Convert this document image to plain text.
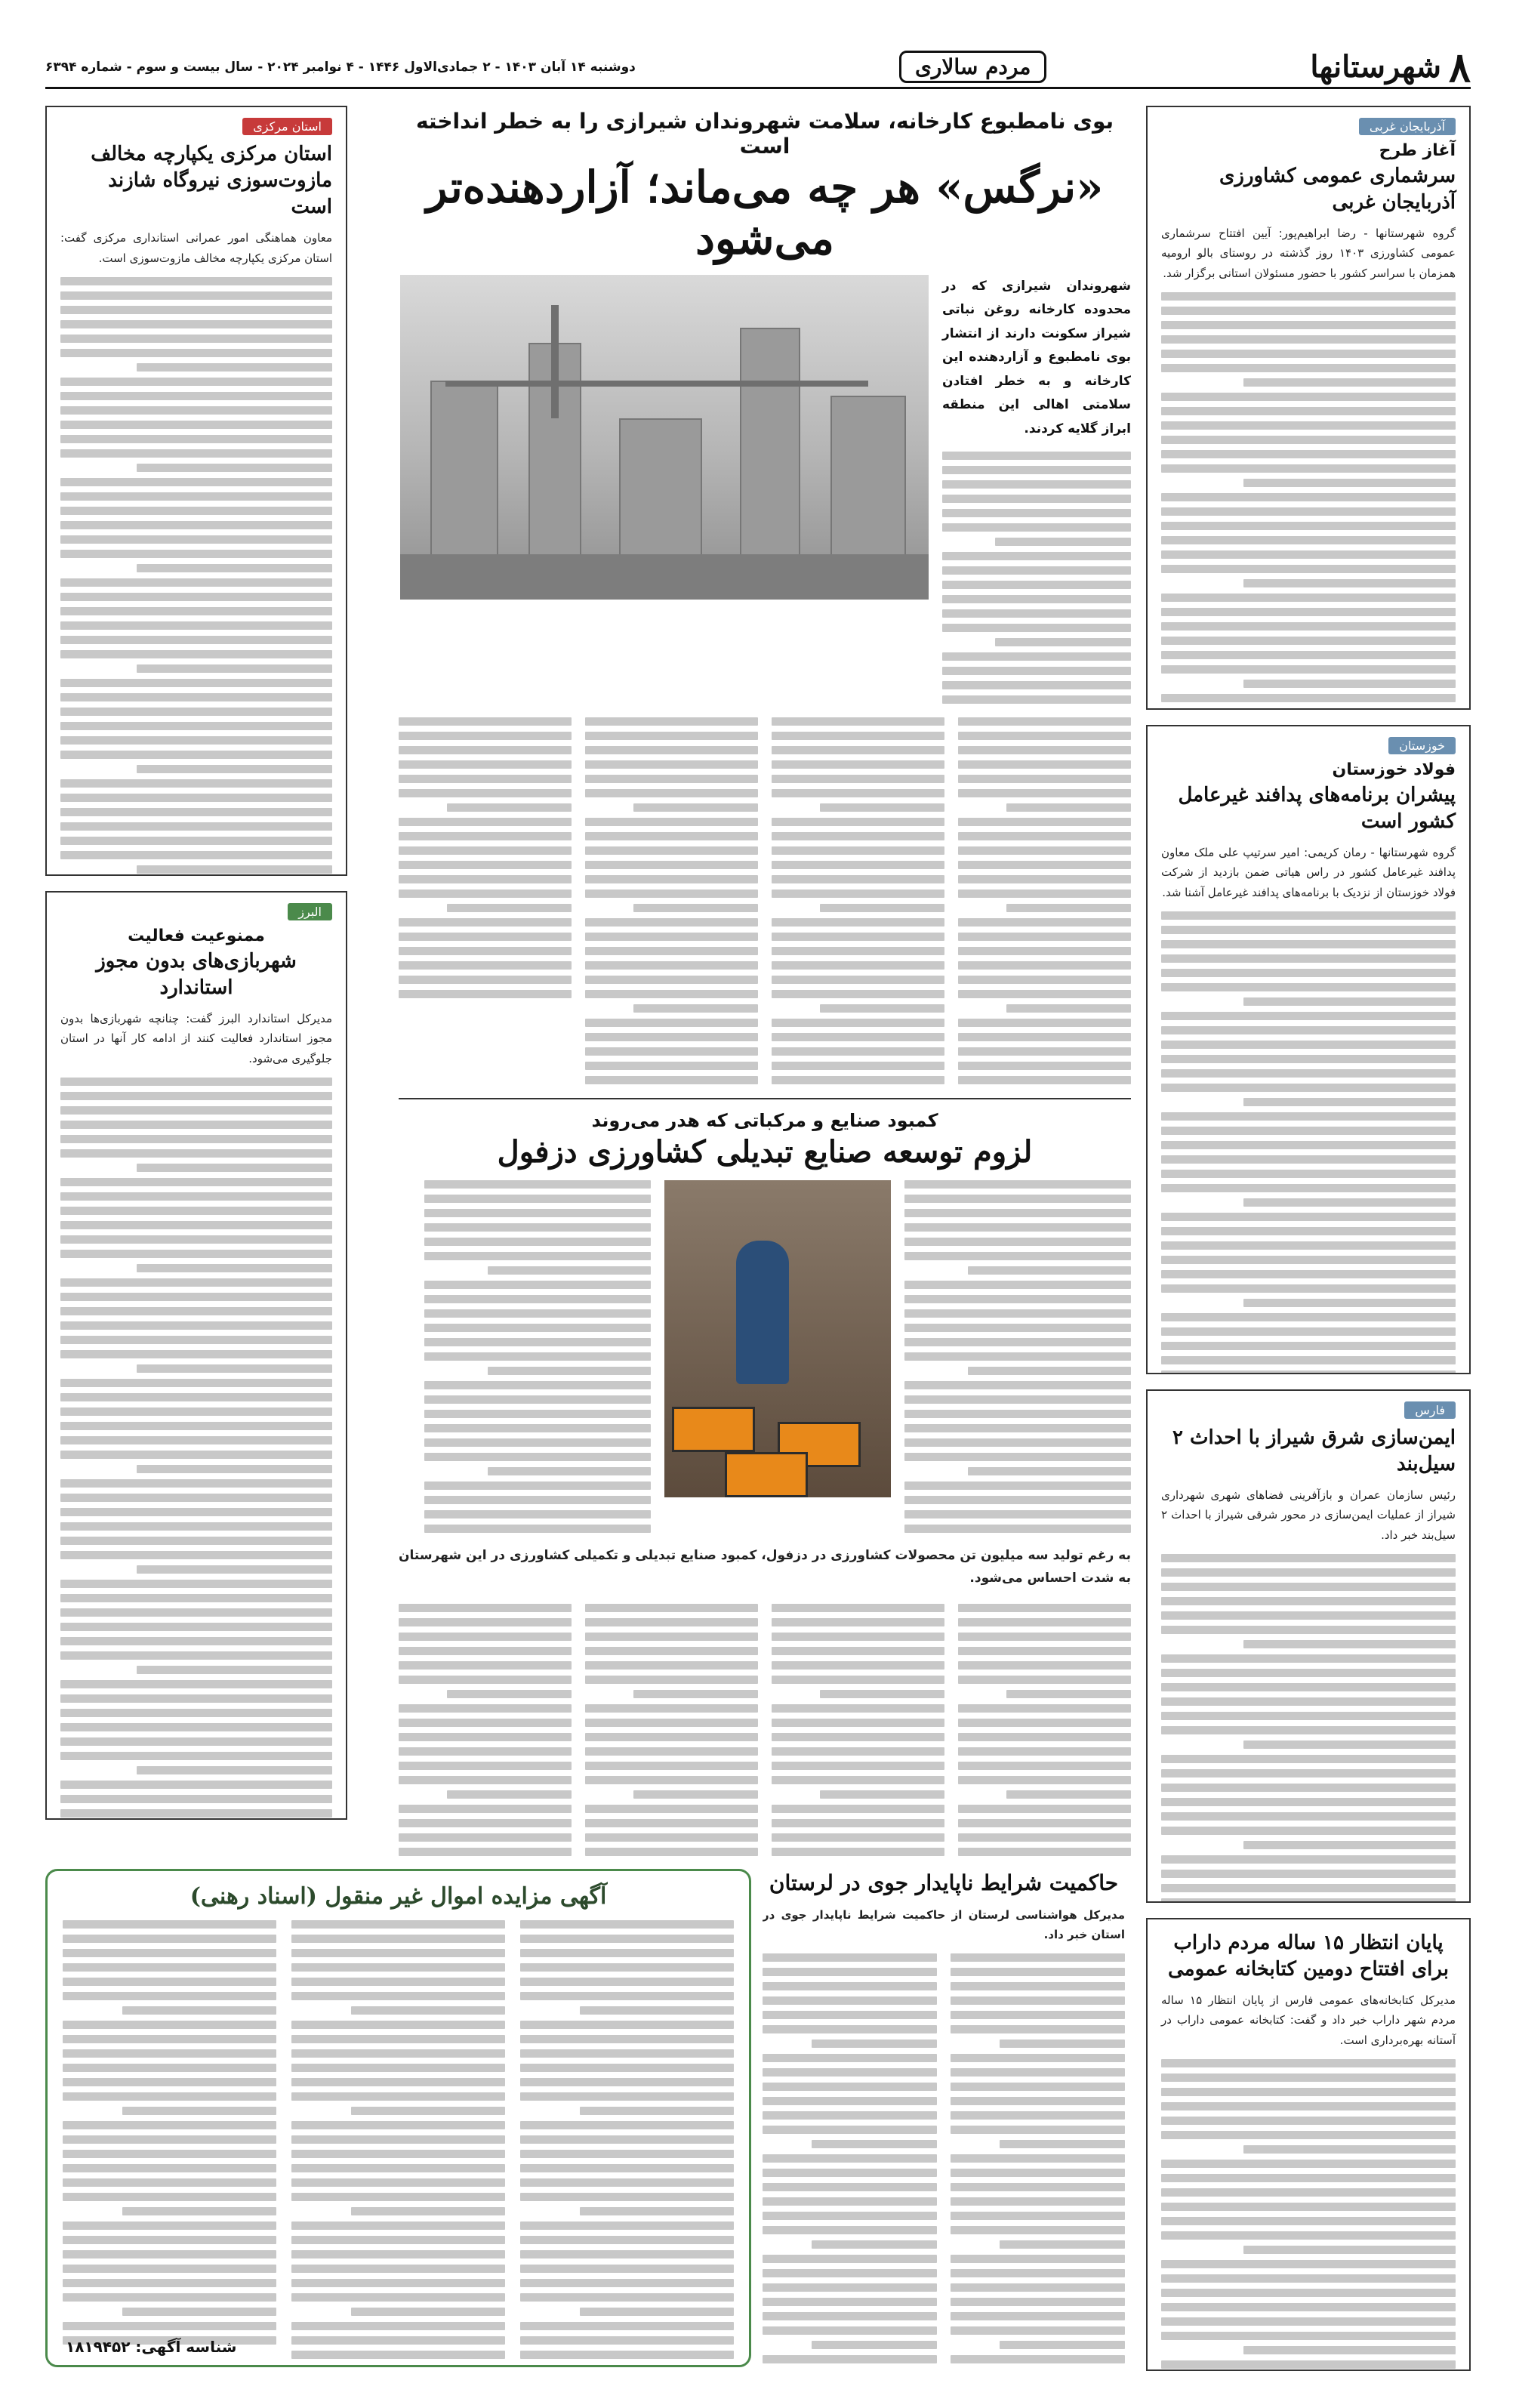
۸
شهرستانها
مردم سالاری
دوشنبه ۱۴ آبان ۱۴۰۳ - ۲ جمادی‌الاول ۱۴۴۶ - ۴ نوامبر ۲۰۲۴ - سال بیست و سوم - شماره ۶۳۹۴
آذربایجان غربی
آغاز طرح
سرشماری عمومی کشاورزی آذربایجان غربی

گروه شهرستانها - رضا ابراهیم‌پور: آیین افتتاح سرشماری عمومی کشاورزی ۱۴۰۳ روز گذشته در روستای بالو ارومیه همزمان با سراسر کشور با حضور مسئولان استانی برگزار شد.

خوزستان
فولاد خوزستان
پیشران برنامه‌های پدافند غیرعامل کشور است

گروه شهرستانها - رمان کریمی: امیر سرتیپ علی ملک معاون پدافند غیرعامل کشور در راس هیاتی ضمن بازدید از شرکت فولاد خوزستان از نزدیک با برنامه‌های پدافند غیرعامل آشنا شد.

فارس
ایمن‌سازی شرق شیراز با احداث ۲ سیل‌بند

رئیس سازمان عمران و بازآفرینی فضاهای شهری شهرداری شیراز از عملیات ایمن‌سازی در محور شرقی شیراز با احداث ۲ سیل‌بند خبر داد.

پایان انتظار ۱۵ ساله مردم داراب برای افتتاح دومین کتابخانه عمومی

مدیرکل کتابخانه‌های عمومی فارس از پایان انتظار ۱۵ ساله مردم شهر داراب خبر داد و گفت: کتابخانه عمومی داراب در آستانه بهره‌برداری است.

بوی نامطبوع کارخانه، سلامت شهروندان شیرازی را به خطر انداخته است
«نرگس» هر چه می‌ماند؛ آزاردهنده‌تر می‌شود
شهروندان شیرازی که در محدوده کارخانه روغن نباتی شیراز سکونت دارند از انتشار بوی نامطبوع و آزاردهنده این کارخانه و به خطر افتادن سلامتی اهالی این منطقه ابراز گلایه کردند.
کمبود صنایع و مرکباتی که هدر می‌روند
لزوم توسعه صنایع تبدیلی کشاورزی دزفول

به رغم تولید سه میلیون تن محصولات کشاورزی در دزفول، کمبود صنایع تبدیلی و تکمیلی کشاورزی در این شهرستان به شدت احساس می‌شود.

استان مرکزی
استان مرکزی یکپارچه مخالف مازوت‌سوزی نیروگاه شازند است

معاون هماهنگی امور عمرانی استانداری مرکزی گفت: استان مرکزی یکپارچه مخالف مازوت‌سوزی است.

البرز
ممنوعیت فعالیت
شهربازی‌های بدون مجوز استاندارد

مدیرکل استاندارد البرز گفت: چنانچه شهربازی‌ها بدون مجوز استاندارد فعالیت کنند از ادامه کار آنها در استان جلوگیری می‌شود.

حاکمیت شرایط ناپایدار جوی در لرستان

مدیرکل هواشناسی لرستان از حاکمیت شرایط ناپایدار جوی در استان خبر داد.

آگهی مزایده اموال غیر منقول (اسناد رهنی)
شناسه آگهی: ۱۸۱۹۴۵۲
